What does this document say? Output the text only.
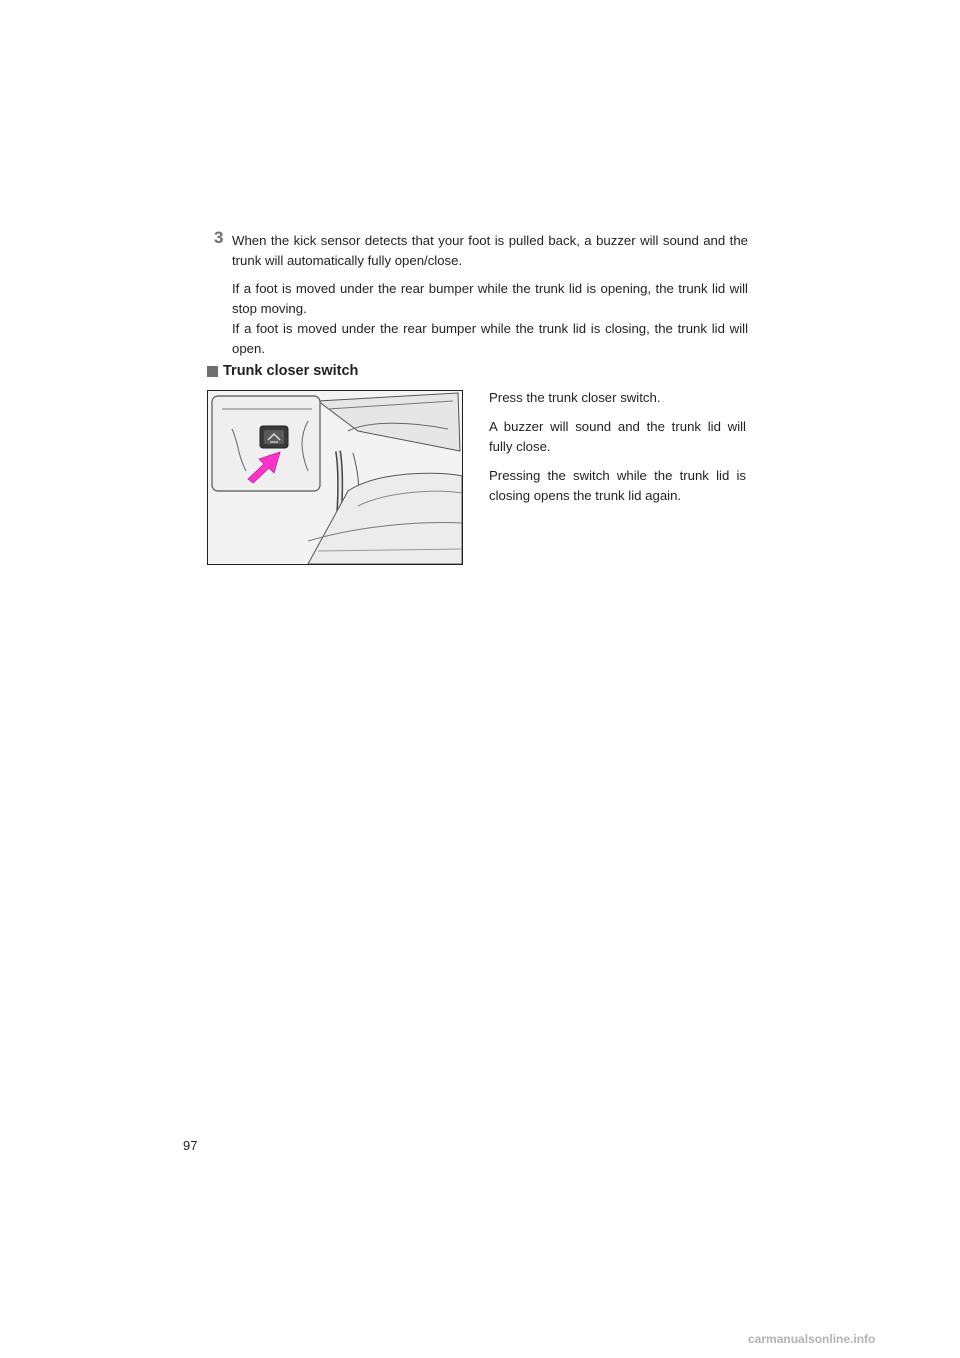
3 When the kick sensor detects that your foot is pulled back, a buzzer will sound and the trunk will automatically fully open/close.

If a foot is moved under the rear bumper while the trunk lid is opening, the trunk lid will stop moving.
If a foot is moved under the rear bumper while the trunk lid is closing, the trunk lid will open.
Trunk closer switch

Press the trunk closer switch.

A buzzer will sound and the trunk lid will fully close.

Pressing the switch while the trunk lid is closing opens the trunk lid again.

97
carmanualsonline.info
